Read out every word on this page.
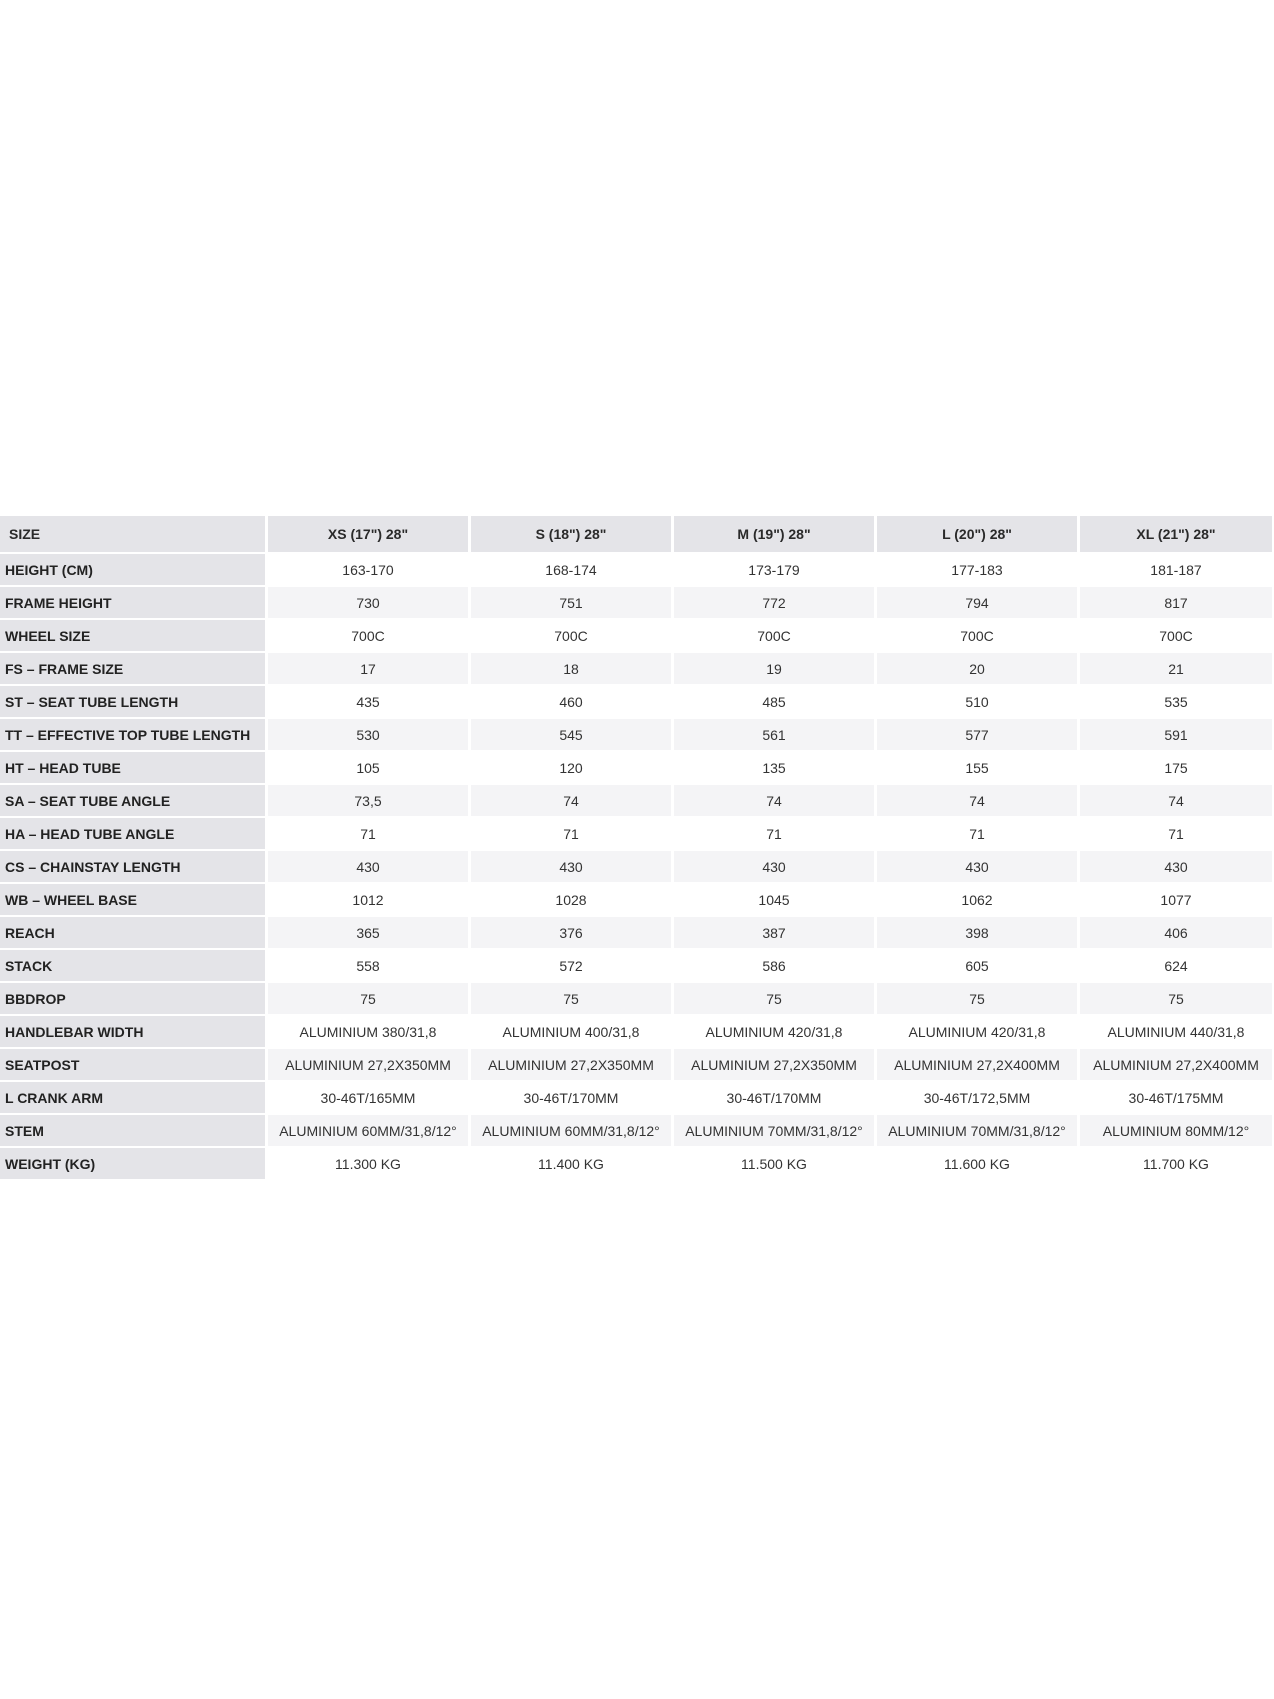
SIZE	XS (17") 28"	S (18") 28"	M (19") 28"	L (20") 28"	XL (21") 28"
HEIGHT (CM)	163-170	168-174	173-179	177-183	181-187
FRAME HEIGHT	730	751	772	794	817
WHEEL SIZE	700C	700C	700C	700C	700C
FS – FRAME SIZE	17	18	19	20	21
ST – SEAT TUBE LENGTH	435	460	485	510	535
TT – EFFECTIVE TOP TUBE LENGTH	530	545	561	577	591
HT – HEAD TUBE	105	120	135	155	175
SA – SEAT TUBE ANGLE	73,5	74	74	74	74
HA – HEAD TUBE ANGLE	71	71	71	71	71
CS – CHAINSTAY LENGTH	430	430	430	430	430
WB – WHEEL BASE	1012	1028	1045	1062	1077
REACH	365	376	387	398	406
STACK	558	572	586	605	624
BBDROP	75	75	75	75	75
HANDLEBAR WIDTH	ALUMINIUM 380/31,8	ALUMINIUM 400/31,8	ALUMINIUM 420/31,8	ALUMINIUM 420/31,8	ALUMINIUM 440/31,8
SEATPOST	ALUMINIUM 27,2X350MM	ALUMINIUM 27,2X350MM	ALUMINIUM 27,2X350MM	ALUMINIUM 27,2X400MM	ALUMINIUM 27,2X400MM
L CRANK ARM	30-46T/165MM	30-46T/170MM	30-46T/170MM	30-46T/172,5MM	30-46T/175MM
STEM	ALUMINIUM 60MM/31,8/12°	ALUMINIUM 60MM/31,8/12°	ALUMINIUM 70MM/31,8/12°	ALUMINIUM 70MM/31,8/12°	ALUMINIUM 80MM/12°
WEIGHT (KG)	11.300 KG	11.400 KG	11.500 KG	11.600 KG	11.700 KG
